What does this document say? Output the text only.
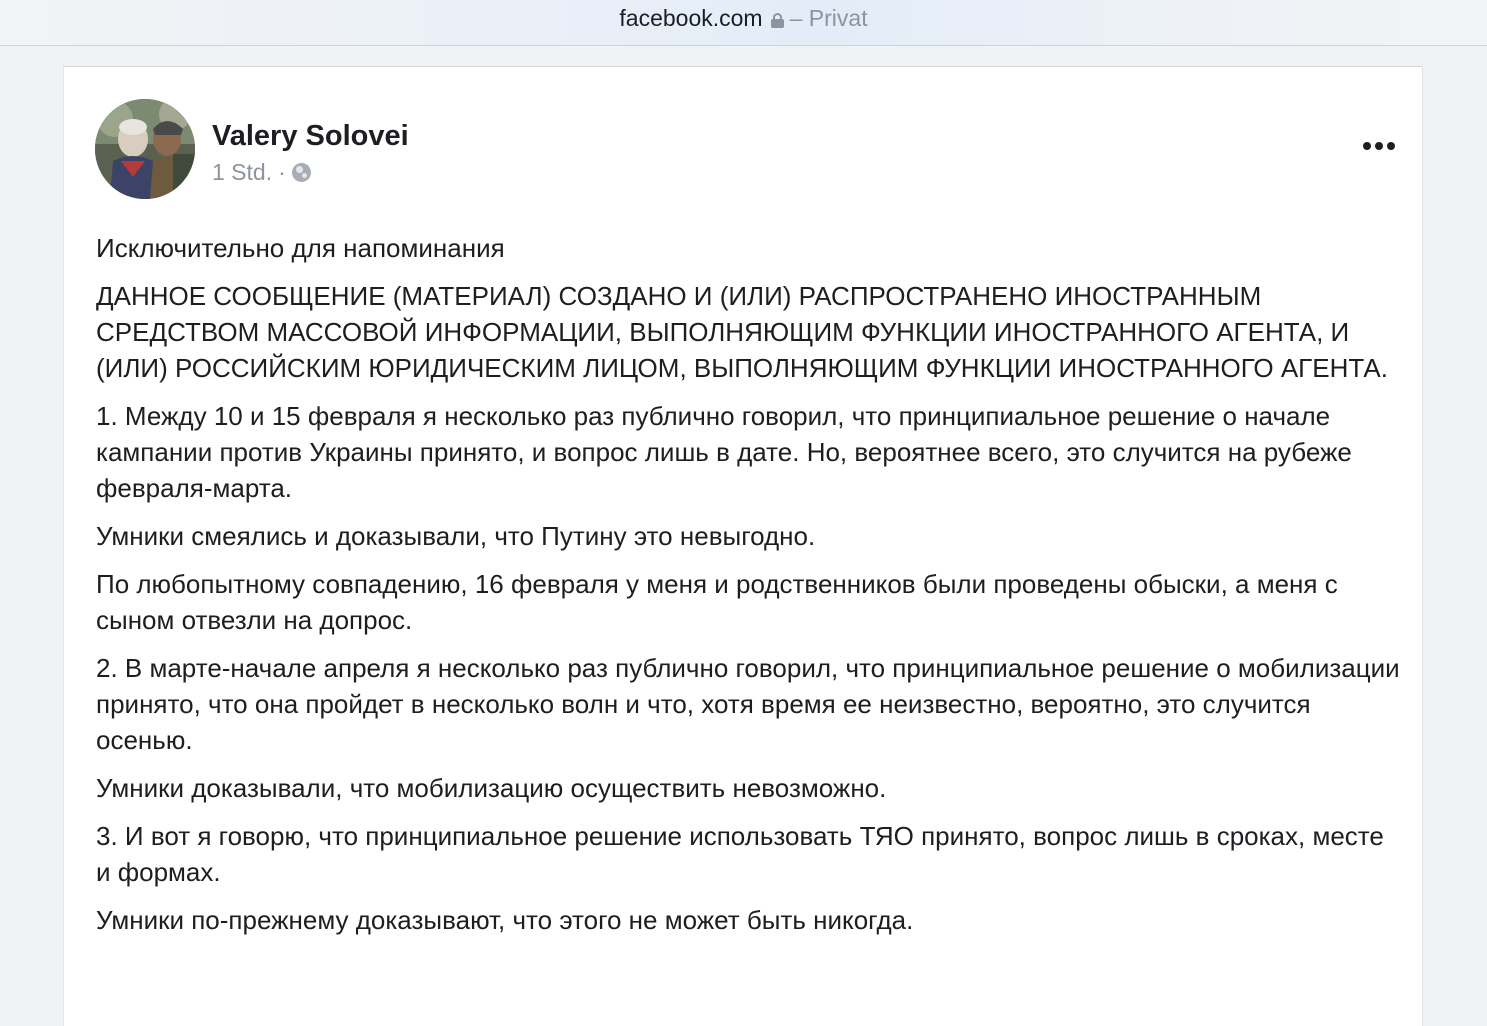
facebook.com – Privat
Valery Solovei
1 Std. ·

Исключительно для напоминания

ДАННОЕ СООБЩЕНИЕ (МАТЕРИАЛ) СОЗДАНО И (ИЛИ) РАСПРОСТРАНЕНО ИНОСТРАННЫМ СРЕДСТВОМ МАССОВОЙ ИНФОРМАЦИИ, ВЫПОЛНЯЮЩИМ ФУНКЦИИ ИНОСТРАННОГО АГЕНТА, И (ИЛИ) РОССИЙСКИМ ЮРИДИЧЕСКИМ ЛИЦОМ, ВЫПОЛНЯЮЩИМ ФУНКЦИИ ИНОСТРАННОГО АГЕНТА.

1. Между 10 и 15 февраля я несколько раз публично говорил, что принципиальное решение о начале кампании против Украины принято, и вопрос лишь в дате. Но, вероятнее всего, это случится на рубеже февраля-марта.

Умники смеялись и доказывали, что Путину это невыгодно.

По любопытному совпадению, 16 февраля у меня и родственников были проведены обыски, а меня с сыном отвезли на допрос.

2. В марте-начале апреля я несколько раз публично говорил, что принципиальное решение о мобилизации принято, что она пройдет в несколько волн и что, хотя время ее неизвестно, вероятно, это случится осенью.

Умники доказывали, что мобилизацию осуществить невозможно.

3. И вот я говорю, что принципиальное решение использовать ТЯО принято, вопрос лишь в сроках, месте и формах.

Умники по-прежнему доказывают, что этого не может быть никогда.
